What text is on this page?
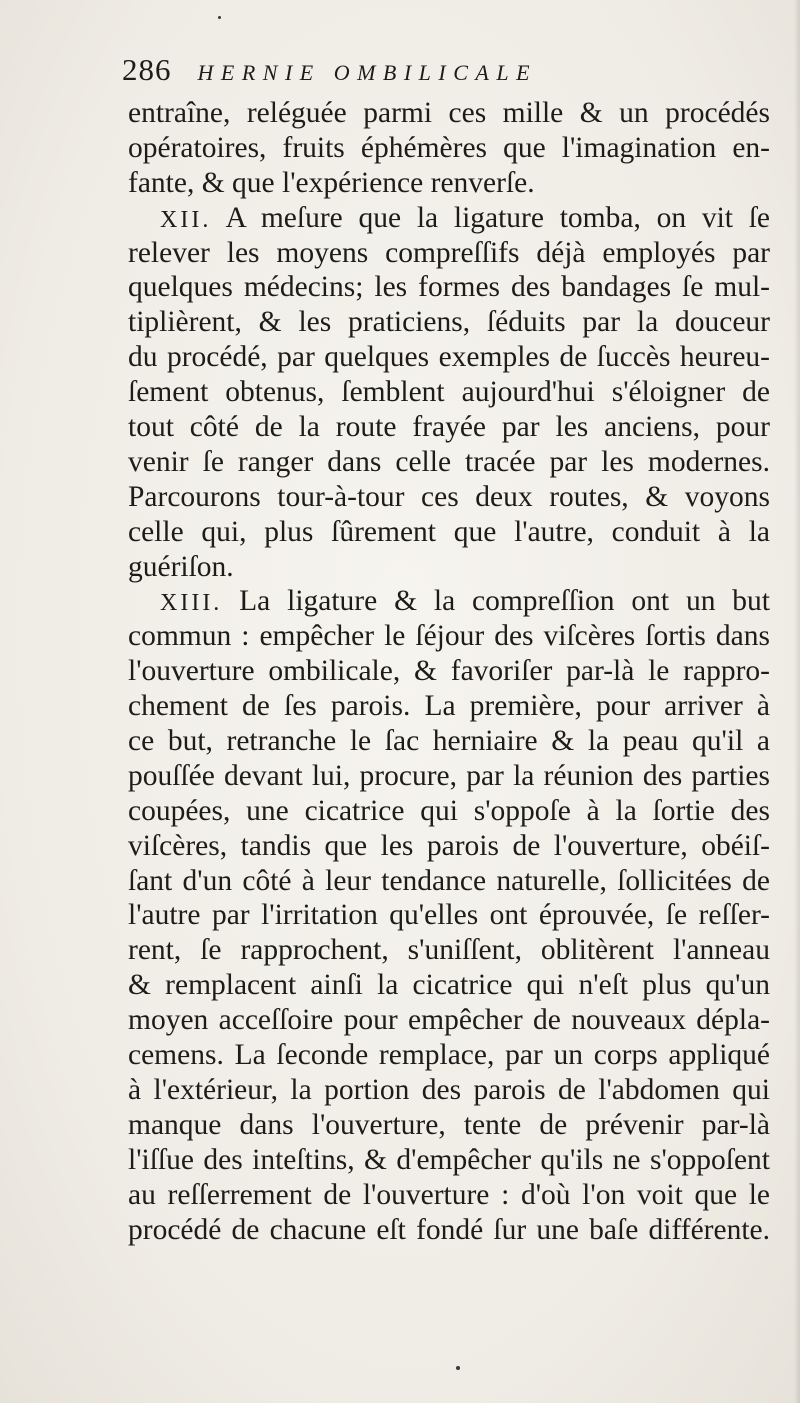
286 HERNIE OMBILICALE
entraîne, reléguée parmi ces mille & un procédés
opératoires, fruits éphémères que l'imagination en-
fante, & que l'expérience renverſe.
XII. A meſure que la ligature tomba, on vit ſe
relever les moyens compreſſifs déjà employés par
quelques médecins; les formes des bandages ſe mul-
tiplièrent, & les praticiens, ſéduits par la douceur
du procédé, par quelques exemples de ſuccès heureu-
ſement obtenus, ſemblent aujourd'hui s'éloigner de
tout côté de la route frayée par les anciens, pour
venir ſe ranger dans celle tracée par les modernes.
Parcourons tour-à-tour ces deux routes, & voyons
celle qui, plus ſûrement que l'autre, conduit à la
guériſon.
XIII. La ligature & la compreſſion ont un but
commun : empêcher le ſéjour des viſcères ſortis dans
l'ouverture ombilicale, & favoriſer par-là le rappro-
chement de ſes parois. La première, pour arriver à
ce but, retranche le ſac herniaire & la peau qu'il a
pouſſée devant lui, procure, par la réunion des parties
coupées, une cicatrice qui s'oppoſe à la ſortie des
viſcères, tandis que les parois de l'ouverture, obéiſ-
ſant d'un côté à leur tendance naturelle, ſollicitées de
l'autre par l'irritation qu'elles ont éprouvée, ſe reſſer-
rent, ſe rapprochent, s'uniſſent, oblitèrent l'anneau
& remplacent ainſi la cicatrice qui n'eſt plus qu'un
moyen acceſſoire pour empêcher de nouveaux dépla-
cemens. La ſeconde remplace, par un corps appliqué
à l'extérieur, la portion des parois de l'abdomen qui
manque dans l'ouverture, tente de prévenir par-là
l'iſſue des inteſtins, & d'empêcher qu'ils ne s'oppoſent
au reſſerrement de l'ouverture : d'où l'on voit que le
procédé de chacune eſt fondé ſur une baſe différente.
